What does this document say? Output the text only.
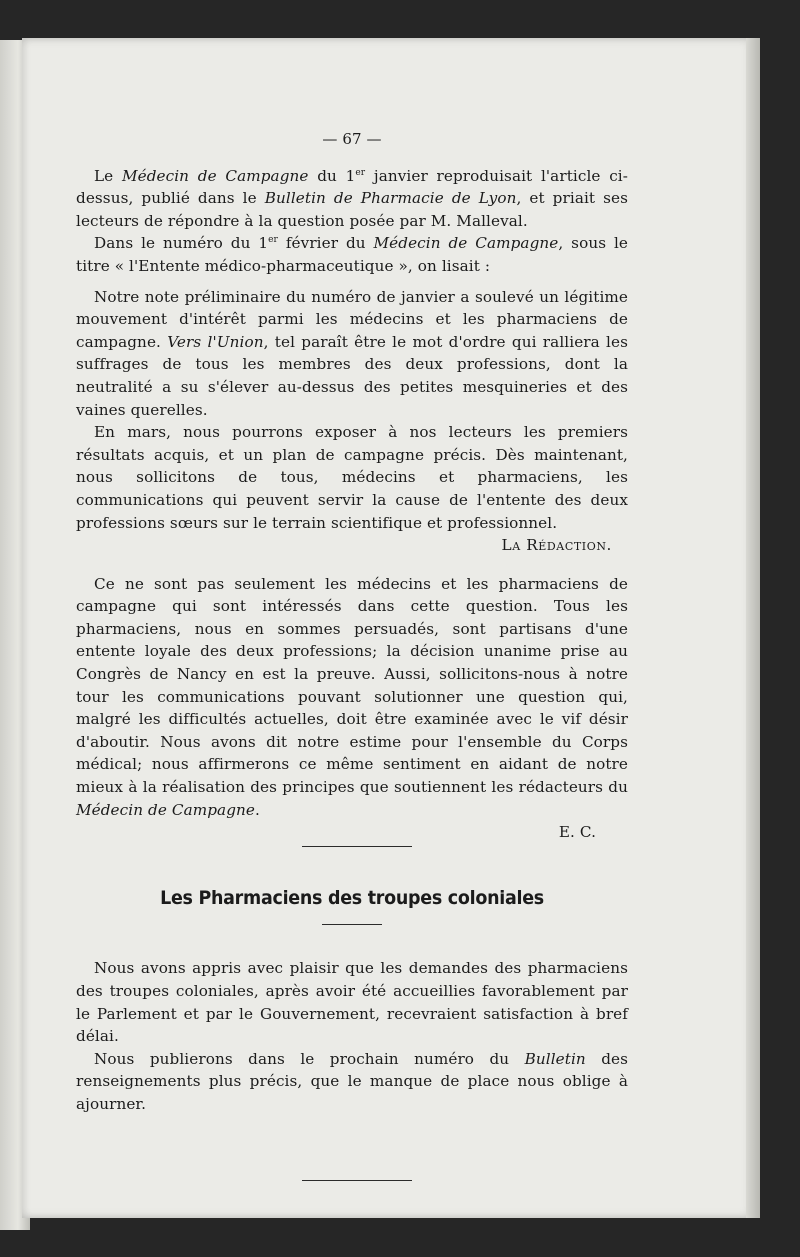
— 67 —

Le Médecin de Campagne du 1er janvier reproduisait l'article ci-dessus, publié dans le Bulletin de Pharmacie de Lyon, et priait ses lecteurs de répondre à la question posée par M. Malleval.

Dans le numéro du 1er février du Médecin de Campagne, sous le titre « l'Entente médico-pharmaceutique », on lisait :

Notre note préliminaire du numéro de janvier a soulevé un légitime mouvement d'intérêt parmi les médecins et les pharmaciens de campagne. Vers l'Union, tel paraît être le mot d'ordre qui ralliera les suffrages de tous les membres des deux professions, dont la neutralité a su s'élever au-dessus des petites mesquineries et des vaines querelles.

En mars, nous pourrons exposer à nos lecteurs les premiers résultats acquis, et un plan de campagne précis. Dès maintenant, nous sollicitons de tous, médecins et pharmaciens, les communications qui peuvent servir la cause de l'entente des deux professions sœurs sur le terrain scientifique et professionnel.

La Rédaction.

Ce ne sont pas seulement les médecins et les pharmaciens de campagne qui sont intéressés dans cette question. Tous les pharmaciens, nous en sommes persuadés, sont partisans d'une entente loyale des deux professions; la décision unanime prise au Congrès de Nancy en est la preuve. Aussi, sollicitons-nous à notre tour les communications pouvant solutionner une question qui, malgré les difficultés actuelles, doit être examinée avec le vif désir d'aboutir. Nous avons dit notre estime pour l'ensemble du Corps médical; nous affirmerons ce même sentiment en aidant de notre mieux à la réalisation des principes que soutiennent les rédacteurs du Médecin de Campagne.

E. C.
Les Pharmaciens des troupes coloniales

Nous avons appris avec plaisir que les demandes des pharmaciens des troupes coloniales, après avoir été accueillies favorablement par le Parlement et par le Gouvernement, recevraient satisfaction à bref délai.

Nous publierons dans le prochain numéro du Bulletin des renseignements plus précis, que le manque de place nous oblige à ajourner.
